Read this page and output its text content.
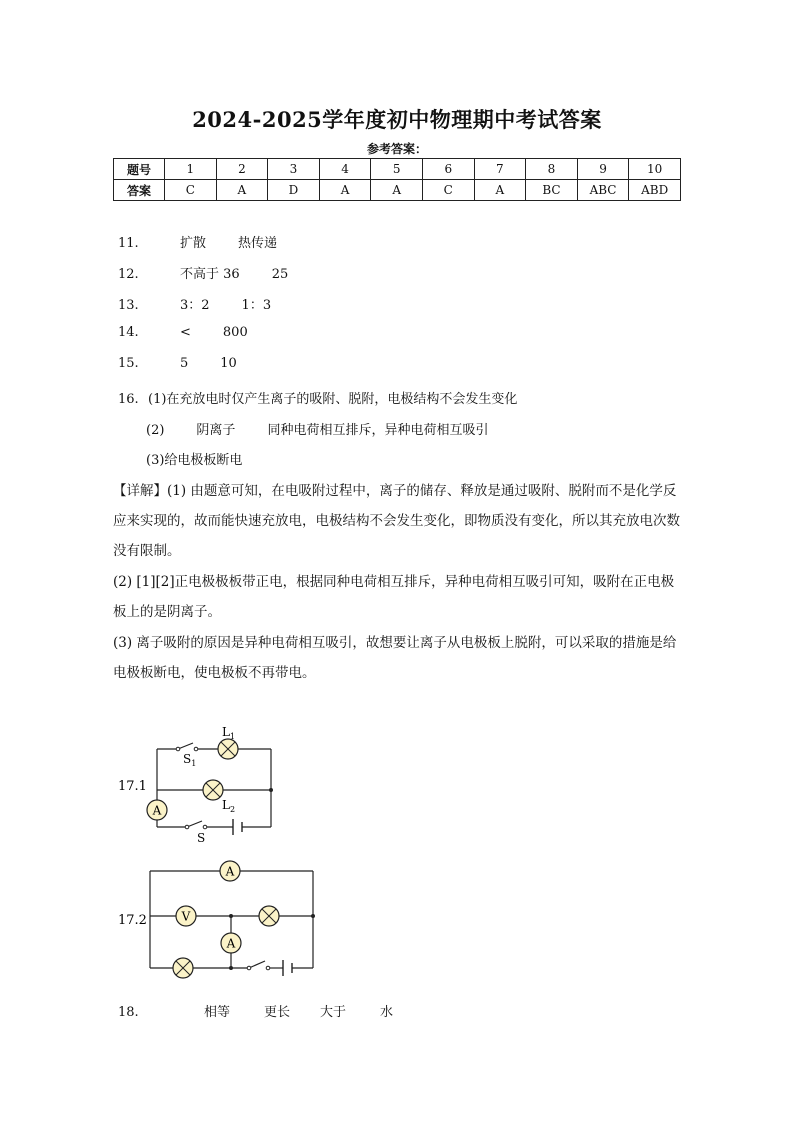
2024-2025学年度初中物理期中考试答案
参考答案：
题号	1	2	3	4	5	6	7	8	9	10
答案	C	A	D	A	A	C	A	BC	ABC	ABD
11.	扩散 热传递
12.	不高于 36 25
13.	3：2 1：3
14.	< 800
15.	5 10
16. (1)在充放电时仅产生离子的吸附、脱附，电极结构不会发生变化
(2) 阴离子 同种电荷相互排斥，异种电荷相互吸引
(3)给电极板断电
【详解】(1) 由题意可知，在电吸附过程中，离子的储存、释放是通过吸附、脱附而不是化学反应来实现的，故而能快速充放电，电极结构不会发生变化，即物质没有变化，所以其充放电次数没有限制。
(2) [1][2]正电极极板带正电，根据同种电荷相互排斥，异种电荷相互吸引可知，吸附在正电极板上的是阴离子。
(3) 离子吸附的原因是异种电荷相互吸引，故想要让离子从电极板上脱附，可以采取的措施是给电极板断电，使电极板不再带电。
17.1
A
$L_1$
$S_1$
$L_2$
S
17.2
A
V
A
18.	相等	更长 大于	水
